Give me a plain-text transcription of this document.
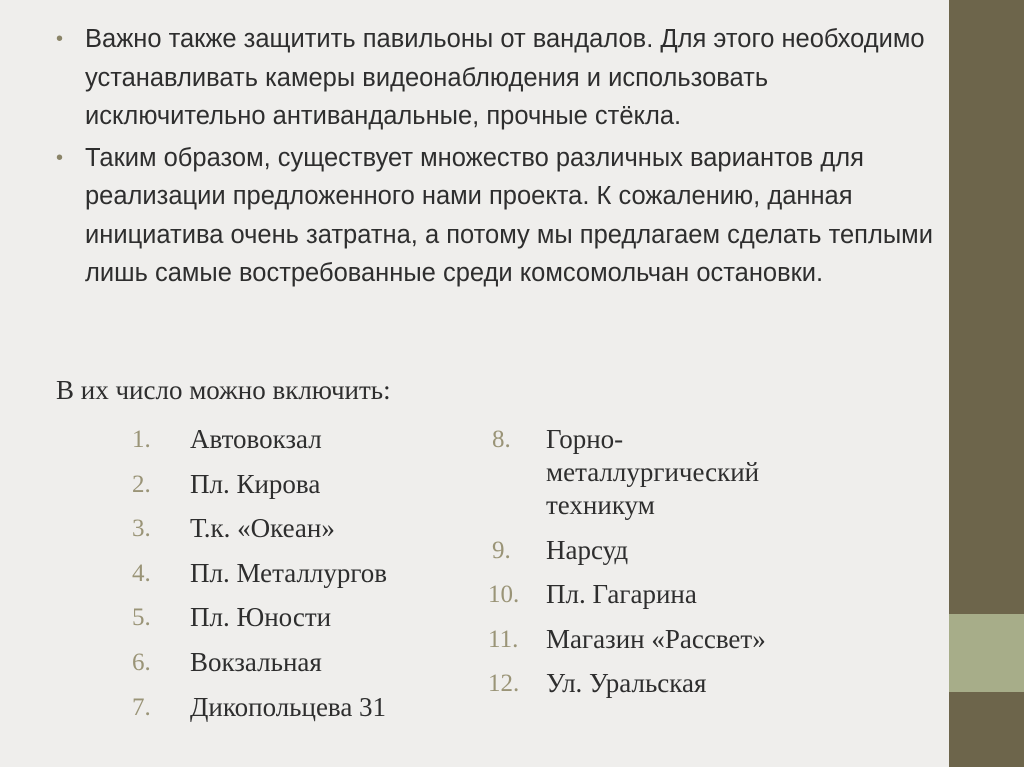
• Важно также защитить павильоны от вандалов. Для этого необходимо устанавливать камеры видеонаблюдения и использовать исключительно антивандальные, прочные стёкла.
• Таким образом, существует множество различных вариантов для реализации предложенного нами проекта. К сожалению, данная инициатива очень затратна, а потому мы предлагаем сделать теплыми лишь самые востребованные среди комсомольчан остановки.
В их число можно включить:
1. Автовокзал
2. Пл. Кирова
3. Т.к. «Океан»
4. Пл. Металлургов
5. Пл. Юности
6. Вокзальная
7. Дикопольцева 31
8. Горно-металлургический техникум
9. Нарсуд
10. Пл. Гагарина
11. Магазин «Рассвет»
12. Ул. Уральская
